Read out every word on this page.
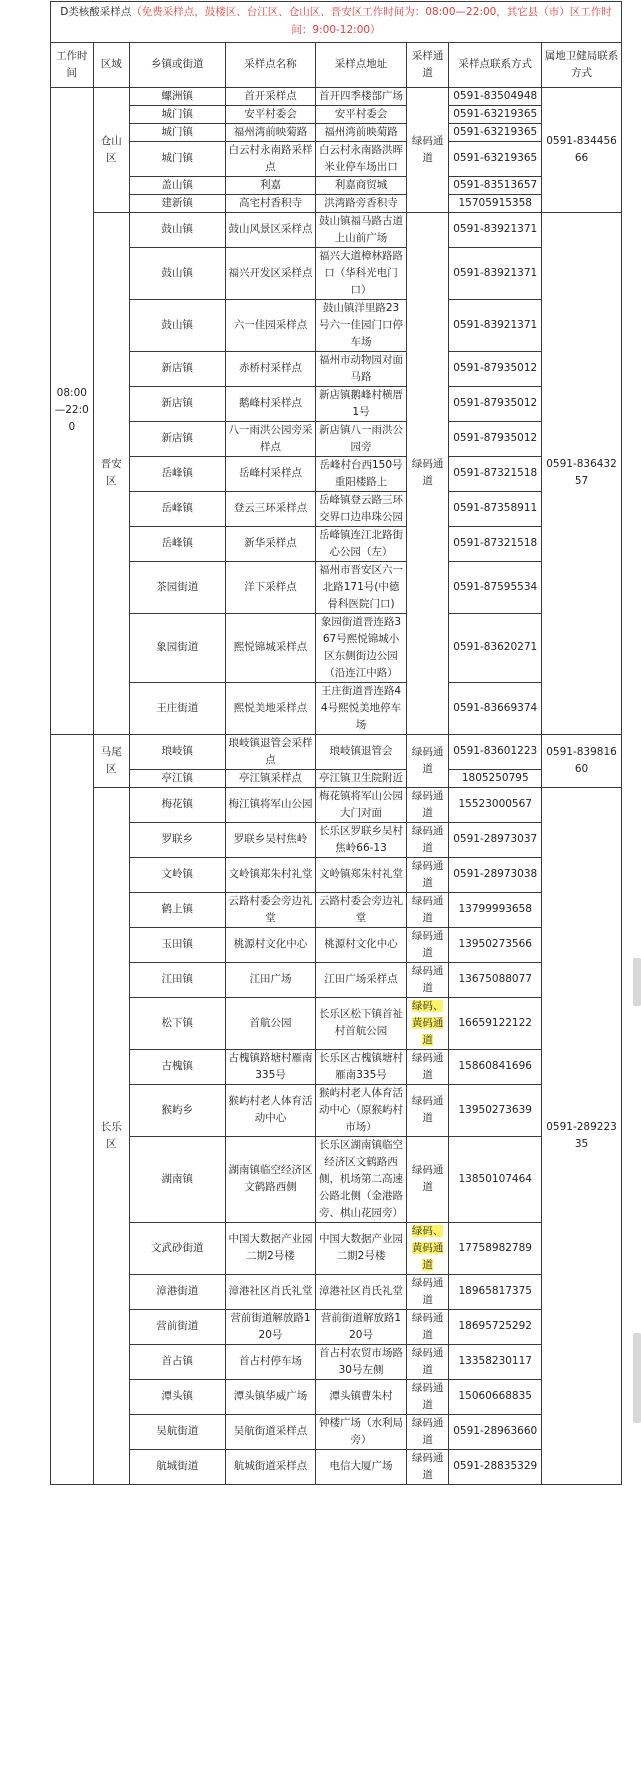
D类核酸采样点（免费采样点，鼓楼区、台江区、仓山区、晋安区工作时间为：08:00—22:00，其它县（市）区工作时间：9:00-12:00）							
工作时间	区域	乡镇或街道	采样点名称	采样点地址	采样通道	采样点联系方式	属地卫健局联系方式
08:00—22:00	仓山区	螺洲镇	首开采样点	首开四季楼部广场	绿码通道	0591-83504948	0591-83445666
		城门镇	安平村委会	安平村委会		0591-63219365	
		城门镇	福州湾前映菊路	福州湾前映菊路		0591-63219365	
		城门镇	白云村永南路采样点	白云村永南路洪晖米业停车场出口		0591-63219365	
		盖山镇	利嘉	利嘉商贸城		0591-83513657	
		建新镇	高宅村香积寺	洪湾路旁香积寺		15705915358	
	晋安区	鼓山镇	鼓山风景区采样点	鼓山镇福马路古道上山前广场	绿码通道	0591-83921371	0591-83643257
		鼓山镇	福兴开发区采样点	福兴大道樟林路路口（华科光电门口）		0591-83921371	
		鼓山镇	六一佳园采样点	鼓山镇洋里路23号六一佳园门口停车场		0591-83921371	
		新店镇	赤桥村采样点	福州市动物园对面马路		0591-87935012	
		新店镇	鹅峰村采样点	新店镇鹅峰村横厝1号		0591-87935012	
		新店镇	八一雨洪公园旁采样点	新店镇八一雨洪公园旁		0591-87935012	
		岳峰镇	岳峰村采样点	岳峰村台西150号重阳楼路上		0591-87321518	
		岳峰镇	登云三环采样点	岳峰镇登云路三环交界口边串珠公园		0591-87358911	
		岳峰镇	新华采样点	岳峰镇连江北路街心公园（左）		0591-87321518	
		茶园街道	洋下采样点	福州市晋安区六一北路171号(中德骨科医院门口)		0591-87595534	
		象园街道	熙悦锦城采样点	象园街道晋连路367号熙悦锦城小区东侧街边公园（沿连江中路）		0591-83620271	
		王庄街道	熙悦美地采样点	王庄街道晋连路44号熙悦美地停车场		0591-83669374	
	马尾区	琅岐镇	琅岐镇退管会采样点	琅岐镇退管会	绿码通道	0591-83601223	0591-83981660
		亭江镇	亭江镇采样点	亭江镇卫生院附近		1805250795	
	长乐区	梅花镇	梅江镇将军山公园	梅花镇将军山公园大门对面	绿码通道	15523000567	0591-28922335
		罗联乡	罗联乡吴村焦岭	长乐区罗联乡吴村焦岭66-13	绿码通道	0591-28973037	
		文岭镇	文岭镇郑朱村礼堂	文岭镇郑朱村礼堂	绿码通道	0591-28973038	
		鹤上镇	云路村委会旁边礼堂	云路村委会旁边礼堂	绿码通道	13799993658	
		玉田镇	桃源村文化中心	桃源村文化中心	绿码通道	13950273566	
		江田镇	江田广场	江田广场采样点	绿码通道	13675088077	
		松下镇	首航公园	长乐区松下镇首祉村首航公园	绿码、黄码通道	16659122122	
		古槐镇	古槐镇路塘村雁南335号	长乐区古槐镇塘村雁南335号	绿码通道	15860841696	
		猴屿乡	猴屿村老人体育活动中心	猴屿村老人体育活动中心（原猴屿村市场）	绿码通道	13950273639	
		湖南镇	湖南镇临空经济区文鹤路西侧	长乐区湖南镇临空经济区文鹤路西侧，机场第二高速公路北侧（金港路旁、棋山花园旁）	绿码通道	13850107464	
		文武砂街道	中国大数据产业园二期2号楼	中国大数据产业园二期2号楼	绿码、黄码通道	17758982789	
		漳港街道	漳港社区肖氏礼堂	漳港社区肖氏礼堂	绿码通道	18965817375	
		营前街道	营前街道解放路120号	营前街道解放路120号	绿码通道	18695725292	
		首占镇	首占村停车场	首占村农贸市场路30号左侧	绿码通道	13358230117	
		潭头镇	潭头镇华威广场	潭头镇曹朱村	绿码通道	15060668835	
		吴航街道	吴航街道采样点	钟楼广场（水利局旁）	绿码通道	0591-28963660	
		航城街道	航城街道采样点	电信大厦广场	绿码通道	0591-28835329	
